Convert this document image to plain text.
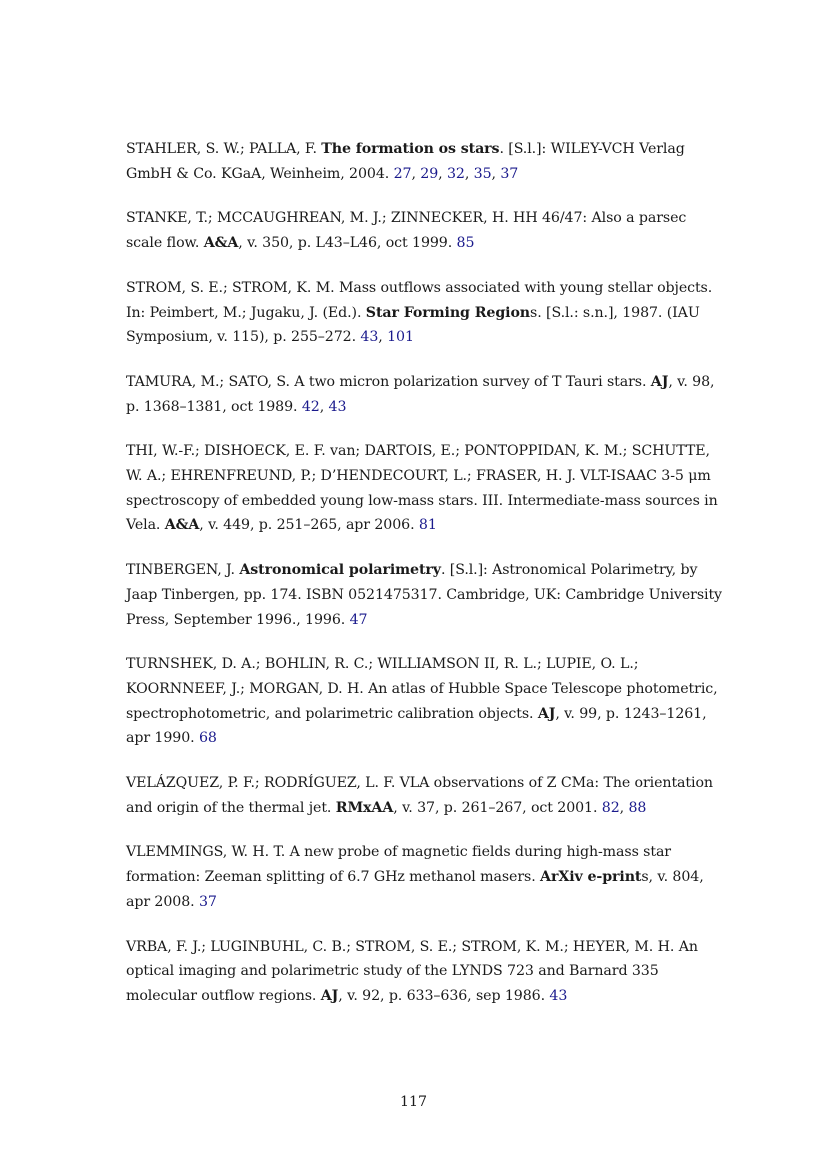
STAHLER, S. W.; PALLA, F. The formation os stars. [S.l.]: WILEY-VCH Verlag GmbH & Co. KGaA, Weinheim, 2004. 27, 29, 32, 35, 37

STANKE, T.; MCCAUGHREAN, M. J.; ZINNECKER, H. HH 46/47: Also a parsec scale flow. A&A, v. 350, p. L43–L46, oct 1999. 85

STROM, S. E.; STROM, K. M. Mass outflows associated with young stellar objects. In: Peimbert, M.; Jugaku, J. (Ed.). Star Forming Regions. [S.l.: s.n.], 1987. (IAU Symposium, v. 115), p. 255–272. 43, 101

TAMURA, M.; SATO, S. A two micron polarization survey of T Tauri stars. AJ, v. 98, p. 1368–1381, oct 1989. 42, 43

THI, W.-F.; DISHOECK, E. F. van; DARTOIS, E.; PONTOPPIDAN, K. M.; SCHUTTE, W. A.; EHRENFREUND, P.; D’HENDECOURT, L.; FRASER, H. J. VLT-ISAAC 3-5 μm spectroscopy of embedded young low-mass stars. III. Intermediate-mass sources in Vela. A&A, v. 449, p. 251–265, apr 2006. 81

TINBERGEN, J. Astronomical polarimetry. [S.l.]: Astronomical Polarimetry, by Jaap Tinbergen, pp. 174. ISBN 0521475317. Cambridge, UK: Cambridge University Press, September 1996., 1996. 47

TURNSHEK, D. A.; BOHLIN, R. C.; WILLIAMSON II, R. L.; LUPIE, O. L.; KOORNNEEF, J.; MORGAN, D. H. An atlas of Hubble Space Telescope photometric, spectrophotometric, and polarimetric calibration objects. AJ, v. 99, p. 1243–1261, apr 1990. 68

VELÁZQUEZ, P. F.; RODRÍGUEZ, L. F. VLA observations of Z CMa: The orientation and origin of the thermal jet. RMxAA, v. 37, p. 261–267, oct 2001. 82, 88

VLEMMINGS, W. H. T. A new probe of magnetic fields during high-mass star formation: Zeeman splitting of 6.7 GHz methanol masers. ArXiv e-prints, v. 804, apr 2008. 37

VRBA, F. J.; LUGINBUHL, C. B.; STROM, S. E.; STROM, K. M.; HEYER, M. H. An optical imaging and polarimetric study of the LYNDS 723 and Barnard 335 molecular outflow regions. AJ, v. 92, p. 633–636, sep 1986. 43

117
